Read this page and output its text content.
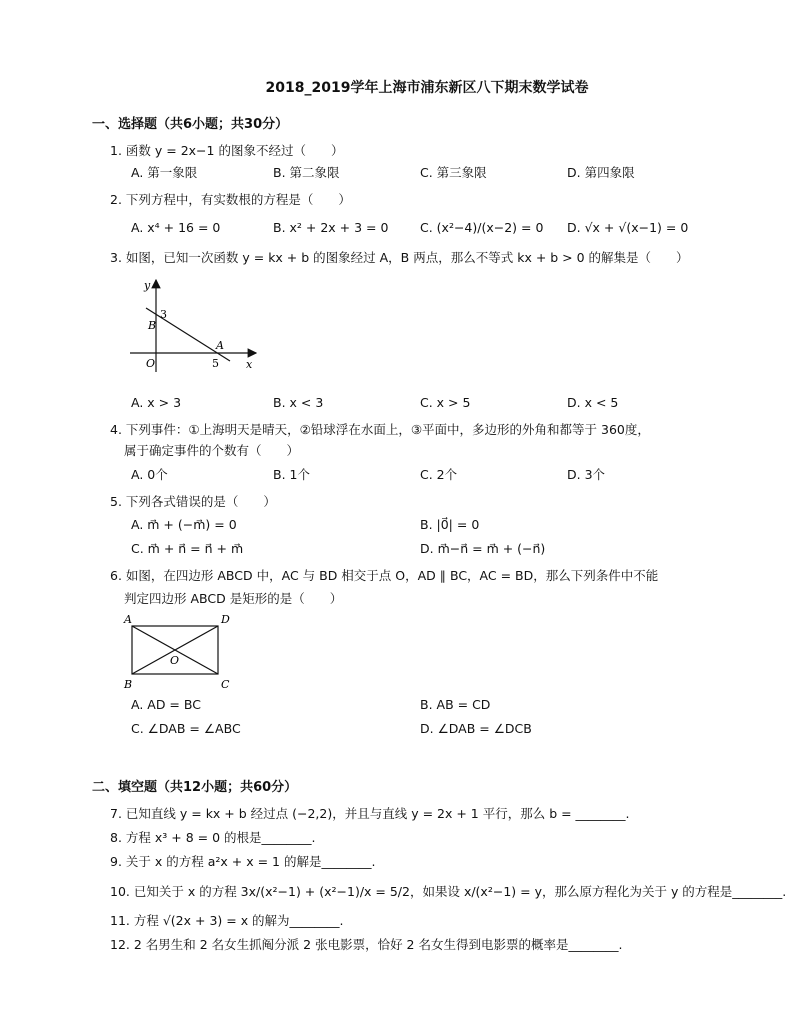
2018_2019学年上海市浦东新区八下期末数学试卷
一、选择题（共6小题；共30分）
1. 函数 y = 2x−1 的图象不经过（　　）
A. 第一象限	B. 第二象限	C. 第三象限	D. 第四象限
2. 下列方程中，有实数根的方程是（　　）
A. x⁴ + 16 = 0	B. x² + 2x + 3 = 0	C. (x²−4)/(x−2) = 0 D. √x + √(x−1) = 0
3. 如图，已知一次函数 y = kx + b 的图象经过 A，B 两点，那么不等式 kx + b > 0 的解集是（　　）
y
x
B
3
A
5
O
A. x > 3	B. x < 3	C. x > 5	D. x < 5
4. 下列事件：①上海明天是晴天，②铅球浮在水面上，③平面中，多边形的外角和都等于 360度，
属于确定事件的个数有（　　）
A. 0个	B. 1个	C. 2个	D. 3个
5. 下列各式错误的是（　　）
A. m⃗ + (−m⃗) = 0	B. |0⃗| = 0
C. m⃗ + n⃗ = n⃗ + m⃗	D. m⃗−n⃗ = m⃗ + (−n⃗)
6. 如图，在四边形 ABCD 中，AC 与 BD 相交于点 O，AD ∥ BC，AC = BD，那么下列条件中不能
判定四边形 ABCD 是矩形的是（　　）
A	D
B	C
O
A. AD = BC	B. AB = CD
C. ∠DAB = ∠ABC	D. ∠DAB = ∠DCB
二、填空题（共12小题；共60分）
7. 已知直线 y = kx + b 经过点 (−2,2)，并且与直线 y = 2x + 1 平行，那么 b = ________.
8. 方程 x³ + 8 = 0 的根是________.
9. 关于 x 的方程 a²x + x = 1 的解是________.
10. 已知关于 x 的方程 3x/(x²−1) + (x²−1)/x = 5/2，如果设 x/(x²−1) = y，那么原方程化为关于 y 的方程是________.
11. 方程 √(2x + 3) = x 的解为________.
12. 2 名男生和 2 名女生抓阄分派 2 张电影票，恰好 2 名女生得到电影票的概率是________.
